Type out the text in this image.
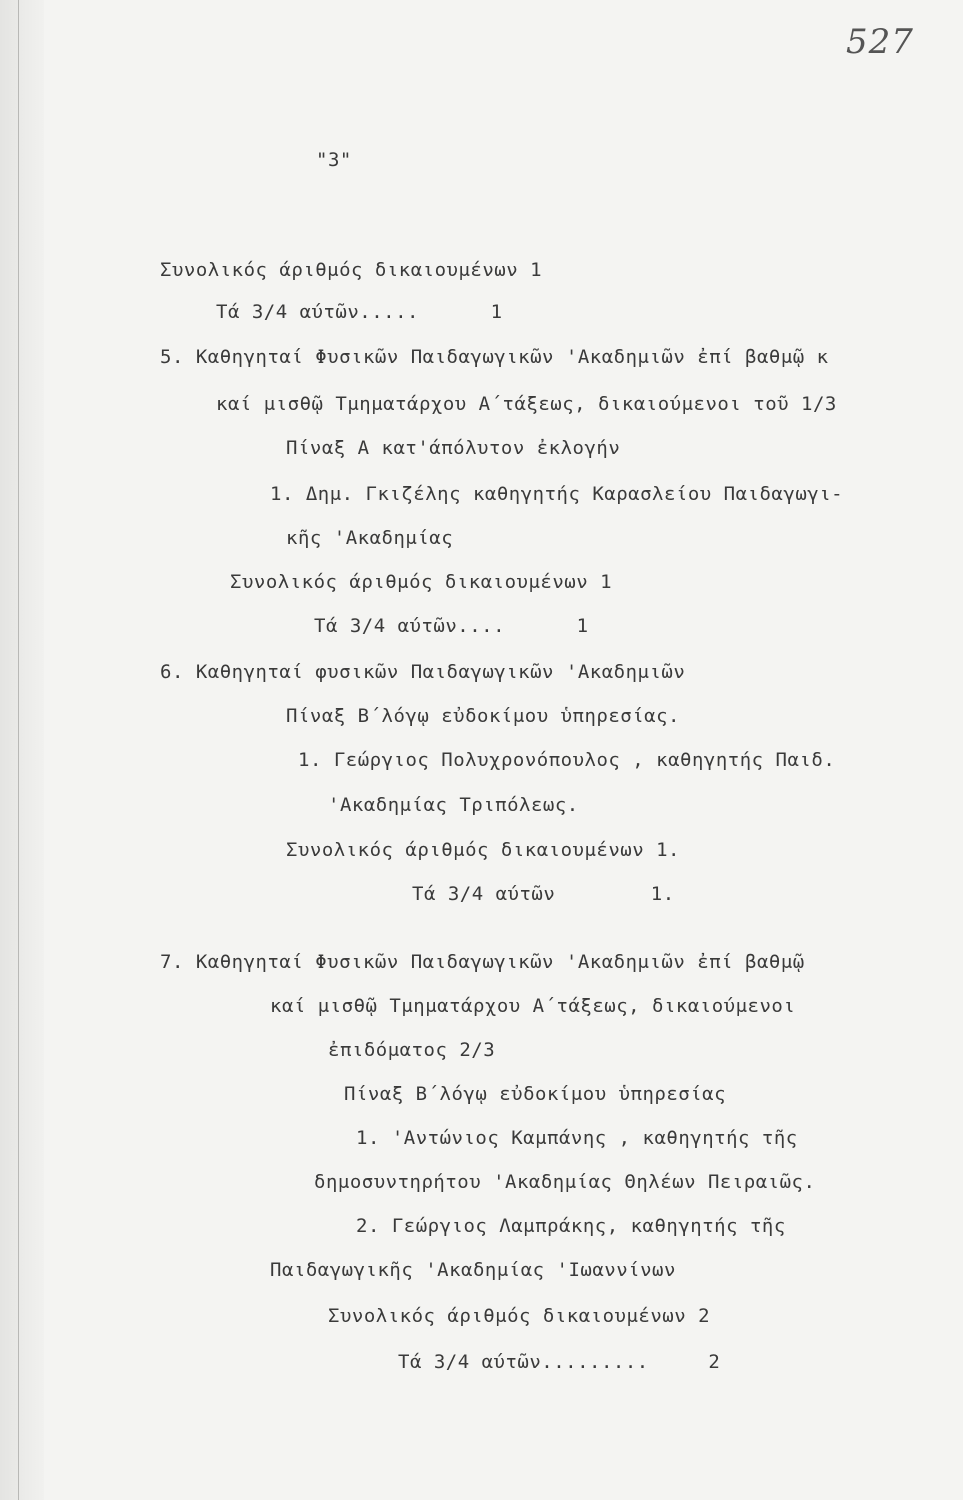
527
"3"
Συνολικός άριθμός δικαιουμένων 1
Τά 3/4 αύτῶν.....      1
5. Καθηγηταί Φυσικῶν Παιδαγωγικῶν 'Ακαδημιῶν ἐπί βαθμῷ κ
καί μισθῷ Τμηματάρχου Α΄τάξεως, δικαιούμενοι τοῦ 1/3
Πίναξ Α κατ'άπόλυτον ἐκλογήν
1. Δημ. Γκιζέλης καθηγητής Καρασλείου Παιδαγωγι-
κῆς 'Ακαδημίας
Συνολικός άριθμός δικαιουμένων 1
Τά 3/4 αύτῶν....      1
6. Καθηγηταί φυσικῶν Παιδαγωγικῶν 'Ακαδημιῶν
Πίναξ Β΄λόγῳ εὐδοκίμου ὑπηρεσίας.
1. Γεώργιος Πολυχρονόπουλος , καθηγητής Παιδ.
'Ακαδημίας Τριπόλεως.
Συνολικός άριθμός δικαιουμένων 1.
Τά 3/4 αύτῶν        1.
7. Καθηγηταί Φυσικῶν Παιδαγωγικῶν 'Ακαδημιῶν ἐπί βαθμῷ
καί μισθῷ Τμηματάρχου Α΄τάξεως, δικαιούμενοι
ἐπιδόματος 2/3
Πίναξ Β΄λόγῳ εὐδοκίμου ὑπηρεσίας
1. 'Αντώνιος Καμπάνης , καθηγητής τῆς
δημοσυντηρήτου 'Ακαδημίας Θηλέων Πειραιῶς.
2. Γεώργιος Λαμπράκης, καθηγητής τῆς
Παιδαγωγικῆς 'Ακαδημίας 'Ιωαννίνων
Συνολικός άριθμός δικαιουμένων 2
Τά 3/4 αύτῶν.........     2
